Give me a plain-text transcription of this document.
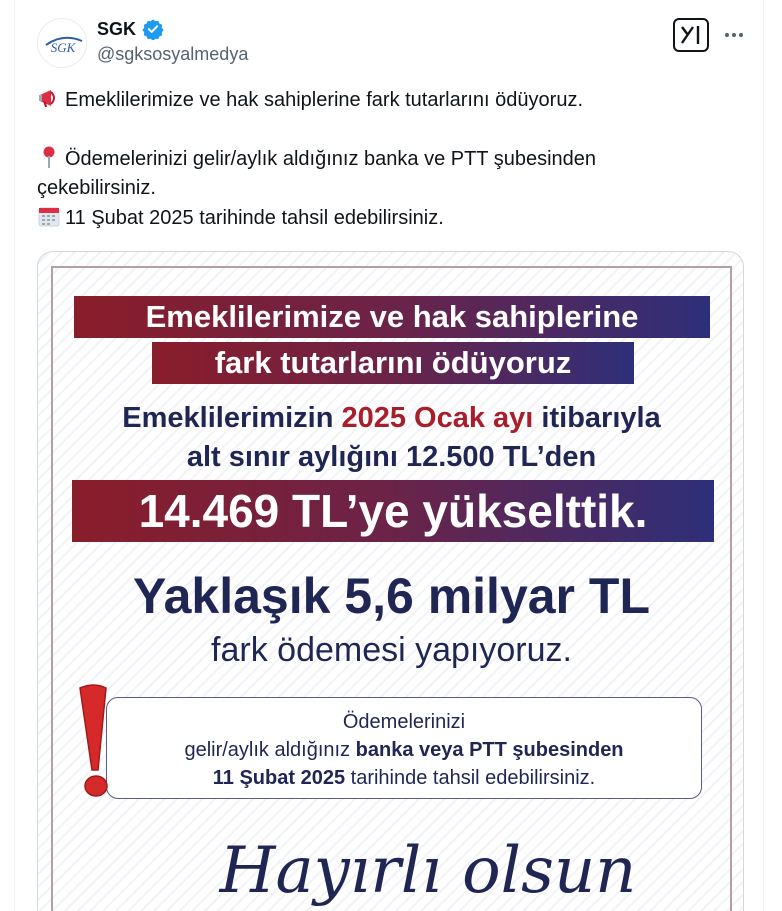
SGK
SGK
@sgksosyalmedya
Emeklilerimize ve hak sahiplerine fark tutarlarını ödüyoruz.
Ödemelerinizi gelir/aylık aldığınız banka ve PTT şubesinden
çekebilirsiniz.
11 Şubat 2025 tarihinde tahsil edebilirsiniz.
Emeklilerimize ve hak sahiplerine
fark tutarlarını ödüyoruz
Emeklilerimizin 2025 Ocak ayı itibarıyla
alt sınır aylığını 12.500 TL’den
14.469 TL’ye yükselttik.
Yaklaşık 5,6 milyar TL
fark ödemesi yapıyoruz.
Ödemelerinizi
gelir/aylık aldığınız banka veya PTT şubesinden
11 Şubat 2025 tarihinde tahsil edebilirsiniz.
Hayırlı olsun
